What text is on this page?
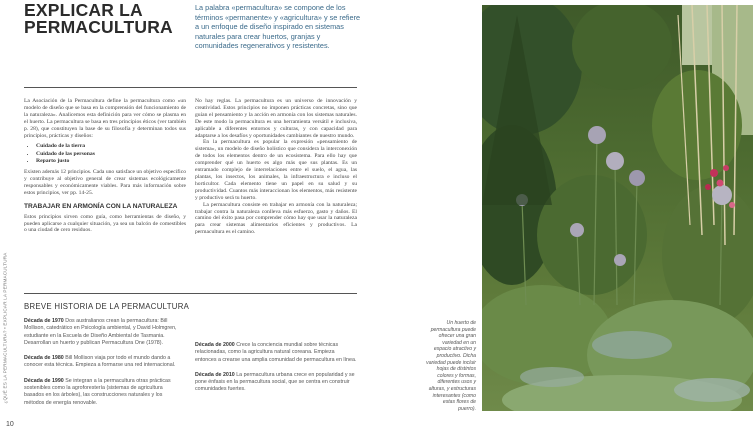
EXPLICAR LA PERMACULTURA
La palabra «permacultura» se compone de los términos «permanente» y «agricultura» y se refiere a un enfoque de diseño inspirado en sistemas naturales para crear huertos, granjas y comunidades regenerativos y resistentes.

La Asociación de la Permacultura define la permacultura como «un modelo de diseño que se basa en la comprensión del funcionamiento de la naturaleza». Analicemos esta definición para ver cómo se plasma en el huerto. La permacultura se basa en tres principios éticos (ver también p. 28), que constituyen la base de su filosofía y determinan todos sus principios, prácticas y diseños:

• Cuidado de la tierra
• Cuidado de las personas
• Reparto justo

Existen además 12 principios. Cada uno satisface un objetivo específico y contribuye al objetivo general de crear sistemas ecológicamente responsables y económicamente viables. Para más información sobre estos principios, ver pp. 14-25.

TRABAJAR EN ARMONÍA CON LA NATURALEZA

Estos principios sirven como guía, como herramientas de diseño, y pueden aplicarse a cualquier situación, ya sea un balcón de comestibles o una ciudad de cero residuos.

No hay reglas. La permacultura es un universo de innovación y creatividad. Estos principios no imponen prácticas concretas, sino que guían el pensamiento y la acción en armonía con los sistemas naturales. De este modo la permacultura es una herramienta versátil e inclusiva, aplicable a diferentes entornos y culturas, y con capacidad para adaptarse a los desafíos y oportunidades cambiantes de nuestro mundo.

En la permacultura es popular la expresión «pensamiento de sistema», un modelo de diseño holístico que considera la interconexión de todos los elementos dentro de un ecosistema. Para ello hay que comprender qué un huerto es algo más que sus plantas. Es un entramado complejo de interrelaciones entre el suelo, el agua, las plantas, los insectos, los animales, la infraestructura e incluso el horticultor. Cada elemento tiene un papel en su salud y su productividad. Cuantos más interaccionan los elementos, más resistente y productivo será tu huerto.

La permacultura consiste en trabajar en armonía con la naturaleza; trabajar contra la naturaleza conlleva más esfuerzo, gasto y daños. El camino del éxito pasa por comprender cómo hay que usar la naturaleza para crear sistemas alimentarios eficientes y productivos. La permacultura es el camino.

BREVE HISTORIA DE LA PERMACULTURA

Década de 1970 Dos australianos crean la permacultura: Bill Mollison, catedrático en Psicología ambiental, y David Holmgren, estudiante en la Escuela de Diseño Ambiental de Tasmania. Desarrollan un huerto y publican Permacultura One (1978).

Década de 1980 Bill Mollison viaja por todo el mundo dando a conocer esta técnica. Empieza a formarse una red internacional.

Década de 1990 Se integran a la permacultura otras prácticas sostenibles como la agroforestería (sistemas de agricultura basados en los árboles), las construcciones naturales y los métodos de energía renovable.

Década de 2000 Crece la conciencia mundial sobre técnicas relacionadas, como la agricultura natural coreana. Empieza entonces a crearse una amplia comunidad de permacultura en línea.

Década de 2010 La permacultura urbana crece en popularidad y se pone énfasis en la permacultura social, que se centra en construir comunidades fuertes.

¿QUÉ ES LA PERMACULTURA? • EXPLICAR LA PERMACULTURA
10
Un huerto de permacultura puede ofrecer una gran variedad en un espacio atractivo y productivo. Dicha variedad puede incluir hojas de distintos colores y formas, diferentes usos y alturas, y estructuras interesantes (como estas flores de puerro).
